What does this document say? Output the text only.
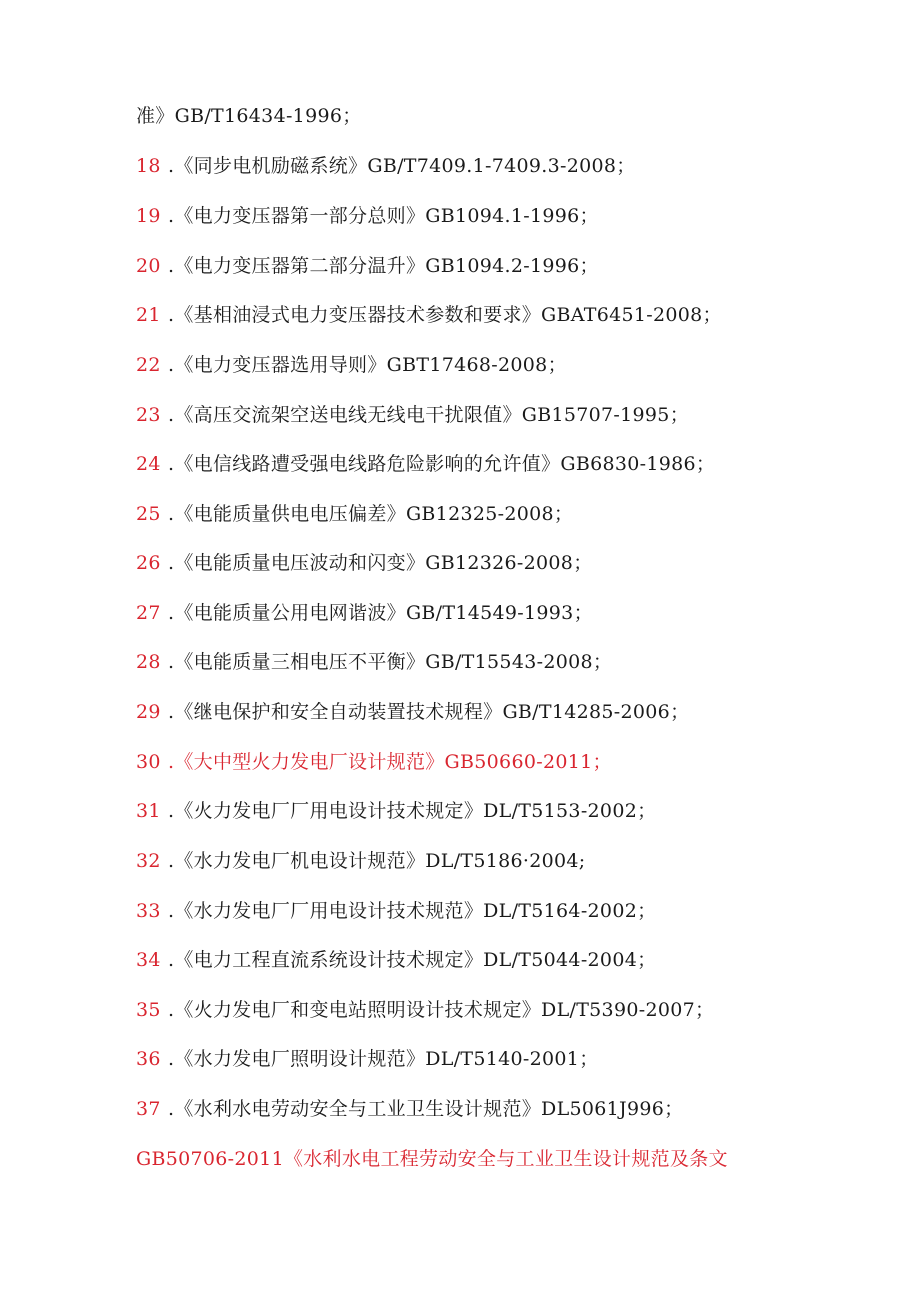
准》GB/T16434-1996；
18 .《同步电机励磁系统》GB/T7409.1-7409.3-2008；
19 .《电力变压器第一部分总则》GB1094.1-1996；
20 .《电力变压器第二部分温升》GB1094.2-1996；
21 .《基相油浸式电力变压器技术参数和要求》GBAT6451-2008；
22 .《电力变压器选用导则》GBT17468-2008；
23 .《高压交流架空送电线无线电干扰限值》GB15707-1995；
24 .《电信线路遭受强电线路危险影响的允许值》GB6830-1986；
25 .《电能质量供电电压偏差》GB12325-2008；
26 .《电能质量电压波动和闪变》GB12326-2008；
27 .《电能质量公用电网谐波》GB/T14549-1993；
28 .《电能质量三相电压不平衡》GB/T15543-2008；
29 .《继电保护和安全自动装置技术规程》GB/T14285-2006；
30 .《大中型火力发电厂设计规范》GB50660-2011；
31 .《火力发电厂厂用电设计技术规定》DL/T5153-2002；
32 .《水力发电厂机电设计规范》DL/T5186·2004;
33 .《水力发电厂厂用电设计技术规范》DL/T5164-2002；
34 .《电力工程直流系统设计技术规定》DL/T5044-2004；
35 .《火力发电厂和变电站照明设计技术规定》DL/T5390-2007；
36 .《水力发电厂照明设计规范》DL/T5140-2001；
37 .《水利水电劳动安全与工业卫生设计规范》DL5061J996；
GB50706-2011《水利水电工程劳动安全与工业卫生设计规范及条文
